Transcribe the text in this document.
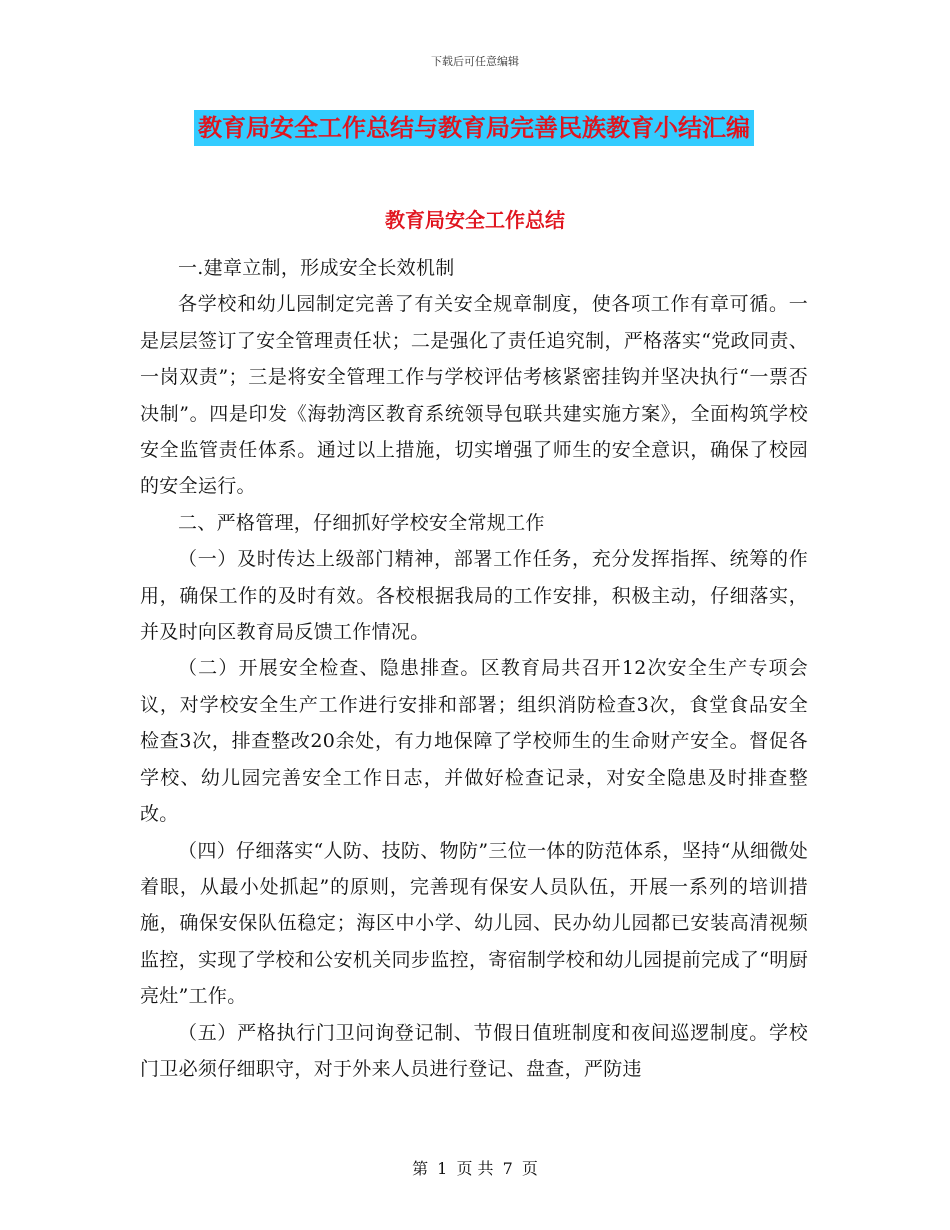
下载后可任意编辑
教育局安全工作总结与教育局完善民族教育小结汇编
教育局安全工作总结

一.建章立制，形成安全长效机制

各学校和幼儿园制定完善了有关安全规章制度，使各项工作有章可循。一是层层签订了安全管理责任状；二是强化了责任追究制，严格落实“党政同责、一岗双责”；三是将安全管理工作与学校评估考核紧密挂钩并坚决执行“一票否决制”。四是印发《海勃湾区教育系统领导包联共建实施方案》，全面构筑学校安全监管责任体系。通过以上措施，切实增强了师生的安全意识，确保了校园的安全运行。

二、严格管理，仔细抓好学校安全常规工作

（一）及时传达上级部门精神，部署工作任务，充分发挥指挥、统筹的作用，确保工作的及时有效。各校根据我局的工作安排，积极主动，仔细落实，并及时向区教育局反馈工作情况。

（二）开展安全检查、隐患排查。区教育局共召开12次安全生产专项会议，对学校安全生产工作进行安排和部署；组织消防检查3次，食堂食品安全检查3次，排查整改20余处，有力地保障了学校师生的生命财产安全。督促各学校、幼儿园完善安全工作日志，并做好检查记录，对安全隐患及时排查整改。

（四）仔细落实“人防、技防、物防”三位一体的防范体系，坚持“从细微处着眼，从最小处抓起”的原则，完善现有保安人员队伍，开展一系列的培训措施，确保安保队伍稳定；海区中小学、幼儿园、民办幼儿园都已安装高清视频监控，实现了学校和公安机关同步监控，寄宿制学校和幼儿园提前完成了“明厨亮灶”工作。

（五）严格执行门卫问询登记制、节假日值班制度和夜间巡逻制度。学校门卫必须仔细职守，对于外来人员进行登记、盘查，严防违

第 1 页 共 7 页
